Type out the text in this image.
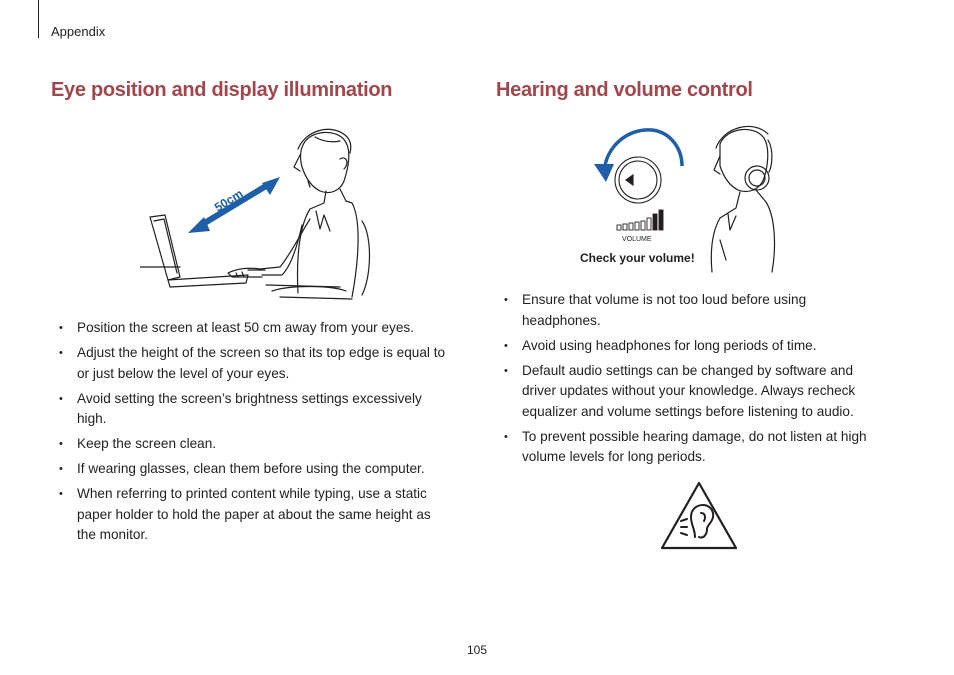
Appendix
Eye position and display illumination	Hearing and volume control
50cm
VOLUME
Check your volume!
• Position the screen at least 50 cm away from your eyes.
• Adjust the height of the screen so that its top edge is equal to or just below the level of your eyes.
• Avoid setting the screen’s brightness settings excessively high.
• Keep the screen clean.
• If wearing glasses, clean them before using the computer.
• When referring to printed content while typing, use a static paper holder to hold the paper at about the same height as the monitor.
• Ensure that volume is not too loud before using headphones.
• Avoid using headphones for long periods of time.
• Default audio settings can be changed by software and driver updates without your knowledge. Always recheck equalizer and volume settings before listening to audio.
• To prevent possible hearing damage, do not listen at high volume levels for long periods.
105
